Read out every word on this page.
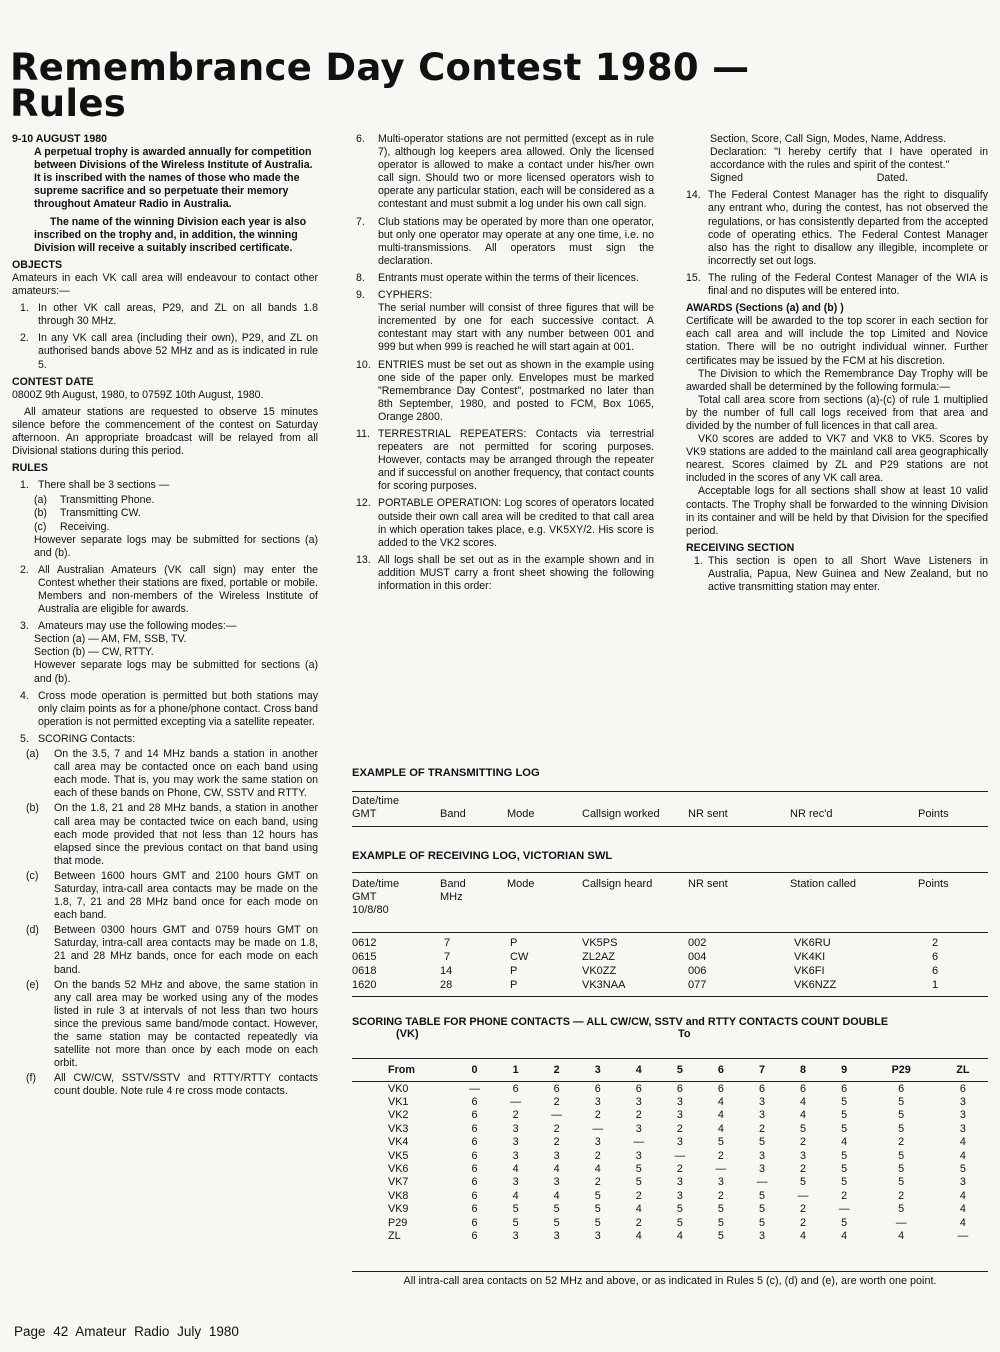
Remembrance Day Contest 1980 —
Rules

9-10 AUGUST 1980

A perpetual trophy is awarded annually for competition between Divisions of the Wireless Institute of Australia. It is inscribed with the names of those who made the supreme sacrifice and so perpetuate their memory throughout Amateur Radio in Australia.

The name of the winning Division each year is also inscribed on the trophy and, in addition, the winning Division will receive a suitably inscribed certificate.

OBJECTS

Amateurs in each VK call area will endeavour to contact other amateurs:—

1. In other VK call areas, P29, and ZL on all bands 1.8 through 30 MHz.
2. In any VK call area (including their own), P29, and ZL on authorised bands above 52 MHz and as is indicated in rule 5.

CONTEST DATE

0800Z 9th August, 1980, to 0759Z 10th August, 1980.

All amateur stations are requested to observe 15 minutes silence before the commencement of the contest on Saturday afternoon. An appropriate broadcast will be relayed from all Divisional stations during this period.

RULES

1. There shall be 3 sections —
(a)	Transmitting Phone.
(b)	Transmitting CW.
(c)	Receiving.

However separate logs may be submitted for sections (a) and (b).

2. All Australian Amateurs (VK call sign) may enter the Contest whether their stations are fixed, portable or mobile. Members and non-members of the Wireless Institute of Australia are eligible for awards.
3. Amateurs may use the following modes:—

Section (a) — AM, FM, SSB, TV.

Section (b) — CW, RTTY.

However separate logs may be submitted for sections (a) and (b).

4. Cross mode operation is permitted but both stations may only claim points as for a phone/phone contact. Cross band operation is not permitted excepting via a satellite repeater.
5. SCORING Contacts:
(a)	On the 3.5, 7 and 14 MHz bands a station in another call area may be contacted once on each band using each mode. That is, you may work the same station on each of these bands on Phone, CW, SSTV and RTTY.
(b)	On the 1.8, 21 and 28 MHz bands, a station in another call area may be contacted twice on each band, using each mode provided that not less than 12 hours has elapsed since the previous contact on that band using that mode.
(c)	Between 1600 hours GMT and 2100 hours GMT on Saturday, intra-call area contacts may be made on the 1.8, 7, 21 and 28 MHz band once for each mode on each band.
(d)	Between 0300 hours GMT and 0759 hours GMT on Saturday, intra-call area contacts may be made on 1.8, 21 and 28 MHz bands, once for each mode on each band.
(e)	On the bands 52 MHz and above, the same station in any call area may be worked using any of the modes listed in rule 3 at intervals of not less than two hours since the previous same band/mode contact. However, the same station may be contacted repeatedly via satellite not more than once by each mode on each orbit.
(f)	All CW/CW, SSTV/SSTV and RTTY/RTTY contacts count double. Note rule 4 re cross mode contacts.
6.	Multi-operator stations are not permitted (except as in rule 7), although log keepers area allowed. Only the licensed operator is allowed to make a contact under his/her own call sign. Should two or more licensed operators wish to operate any particular station, each will be considered as a contestant and must submit a log under his own call sign.
7.	Club stations may be operated by more than one operator, but only one operator may operate at any one time, i.e. no multi-transmissions. All operators must sign the declaration.
8.	Entrants must operate within the terms of their licences.
9.	CYPHERS:
The serial number will consist of three figures that will be incremented by one for each successive contact. A contestant may start with any number between 001 and 999 but when 999 is reached he will start again at 001.
10. ENTRIES must be set out as shown in the example using one side of the paper only. Envelopes must be marked "Remembrance Day Contest", postmarked no later than 8th September, 1980, and posted to FCM, Box 1065, Orange 2800.
11. TERRESTRIAL REPEATERS: Contacts via terrestrial repeaters are not permitted for scoring purposes. However, contacts may be arranged through the repeater and if successful on another frequency, that contact counts for scoring purposes.
12. PORTABLE OPERATION: Log scores of operators located outside their own call area will be credited to that call area in which operation takes place, e.g. VK5XY/2. His score is added to the VK2 scores.
13. All logs shall be set out as in the example shown and in addition MUST carry a front sheet showing the following information in this order:

Section, Score, Call Sign, Modes, Name, Address.

Declaration: "I hereby certify that I have operated in accordance with the rules and spirit of the contest."

Signed	Dated.

14. The Federal Contest Manager has the right to disqualify any entrant who, during the contest, has not observed the regulations, or has consistently departed from the accepted code of operating ethics. The Federal Contest Manager also has the right to disallow any illegible, incomplete or incorrectly set out logs.
15. The ruling of the Federal Contest Manager of the WIA is final and no disputes will be entered into.

AWARDS (Sections (a) and (b) )

Certificate will be awarded to the top scorer in each section for each call area and will include the top Limited and Novice station. There will be no outright individual winner. Further certificates may be issued by the FCM at his discretion.

The Division to which the Remembrance Day Trophy will be awarded shall be determined by the following formula:—

Total call area score from sections (a)-(c) of rule 1 multiplied by the number of full call logs received from that area and divided by the number of full licences in that call area.

VK0 scores are added to VK7 and VK8 to VK5. Scores by VK9 stations are added to the mainland call area geographically nearest. Scores claimed by ZL and P29 stations are not included in the scores of any VK call area.

Acceptable logs for all sections shall show at least 10 valid contacts. The Trophy shall be forwarded to the winning Division in its container and will be held by that Division for the specified period.

RECEIVING SECTION

1. This section is open to all Short Wave Listeners in Australia, Papua, New Guinea and New Zealand, but no active transmitting station may enter.
EXAMPLE OF TRANSMITTING LOG
Date/time
GMT	Band	Mode	Callsign worked	NR sent	NR rec'd	Points
EXAMPLE OF RECEIVING LOG, VICTORIAN SWL
Date/time	Band	Mode	Callsign heard	NR sent	Station called	Points
GMT	MHz
10/8/80
0612	7	P	VK5PS	002	VK6RU	2
0615	7	CW	ZL2AZ	004	VK4KI	6
0618	14	P	VK0ZZ	006	VK6FI	6
1620	28	P	VK3NAA	077	VK6NZZ	1
SCORING TABLE FOR PHONE CONTACTS — ALL CW/CW, SSTV and RTTY CONTACTS COUNT DOUBLE
(VK)	To
From	0	1	2	3	4	5	6	7	8	9	P29	ZL
VK0	—	6	6	6	6	6	6	6	6	6	6	6
VK1	6	—	2	3	3	3	4	3	4	5	5	3
VK2	6	2	—	2	2	3	4	3	4	5	5	3
VK3	6	3	2	—	3	2	4	2	5	5	5	3
VK4	6	3	2	3	—	3	5	5	2	4	2	4
VK5	6	3	3	2	3	—	2	3	3	5	5	4
VK6	6	4	4	4	5	2	—	3	2	5	5	5
VK7	6	3	3	2	5	3	3	—	5	5	5	3
VK8	6	4	4	5	2	3	2	5	—	2	2	4
VK9	6	5	5	5	4	5	5	5	2	—	5	4
P29	6	5	5	5	2	5	5	5	2	5	—	4
ZL	6	3	3	3	4	4	5	3	4	4	4	—
All intra-call area contacts on 52 MHz and above, or as indicated in Rules 5 (c), (d) and (e), are worth one point.
Page 42 Amateur Radio July 1980
